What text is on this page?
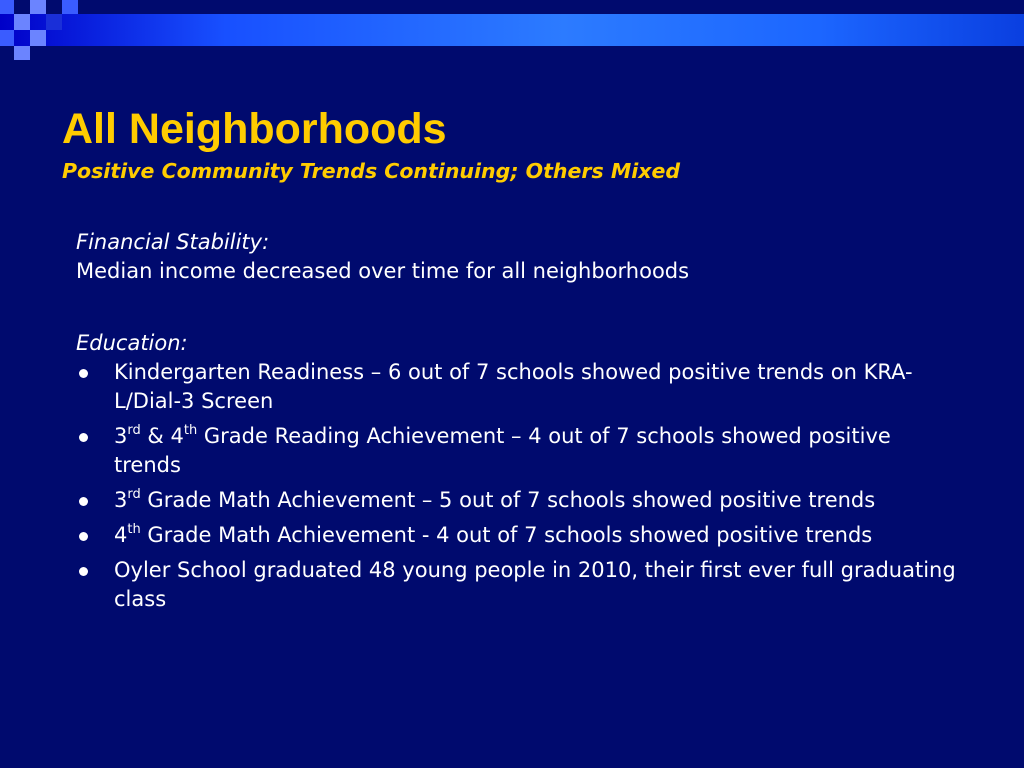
All Neighborhoods

Positive Community Trends Continuing; Others Mixed

Financial Stability:

Median income decreased over time for all neighborhoods

Education:

Kindergarten Readiness – 6 out of 7 schools showed positive trends on KRA-L/Dial-3 Screen
3rd & 4th Grade Reading Achievement – 4 out of 7 schools showed positive trends
3rd Grade Math Achievement – 5 out of 7 schools showed positive trends
4th Grade Math Achievement - 4 out of 7 schools showed positive trends
Oyler School graduated 48 young people in 2010, their first ever full graduating class
